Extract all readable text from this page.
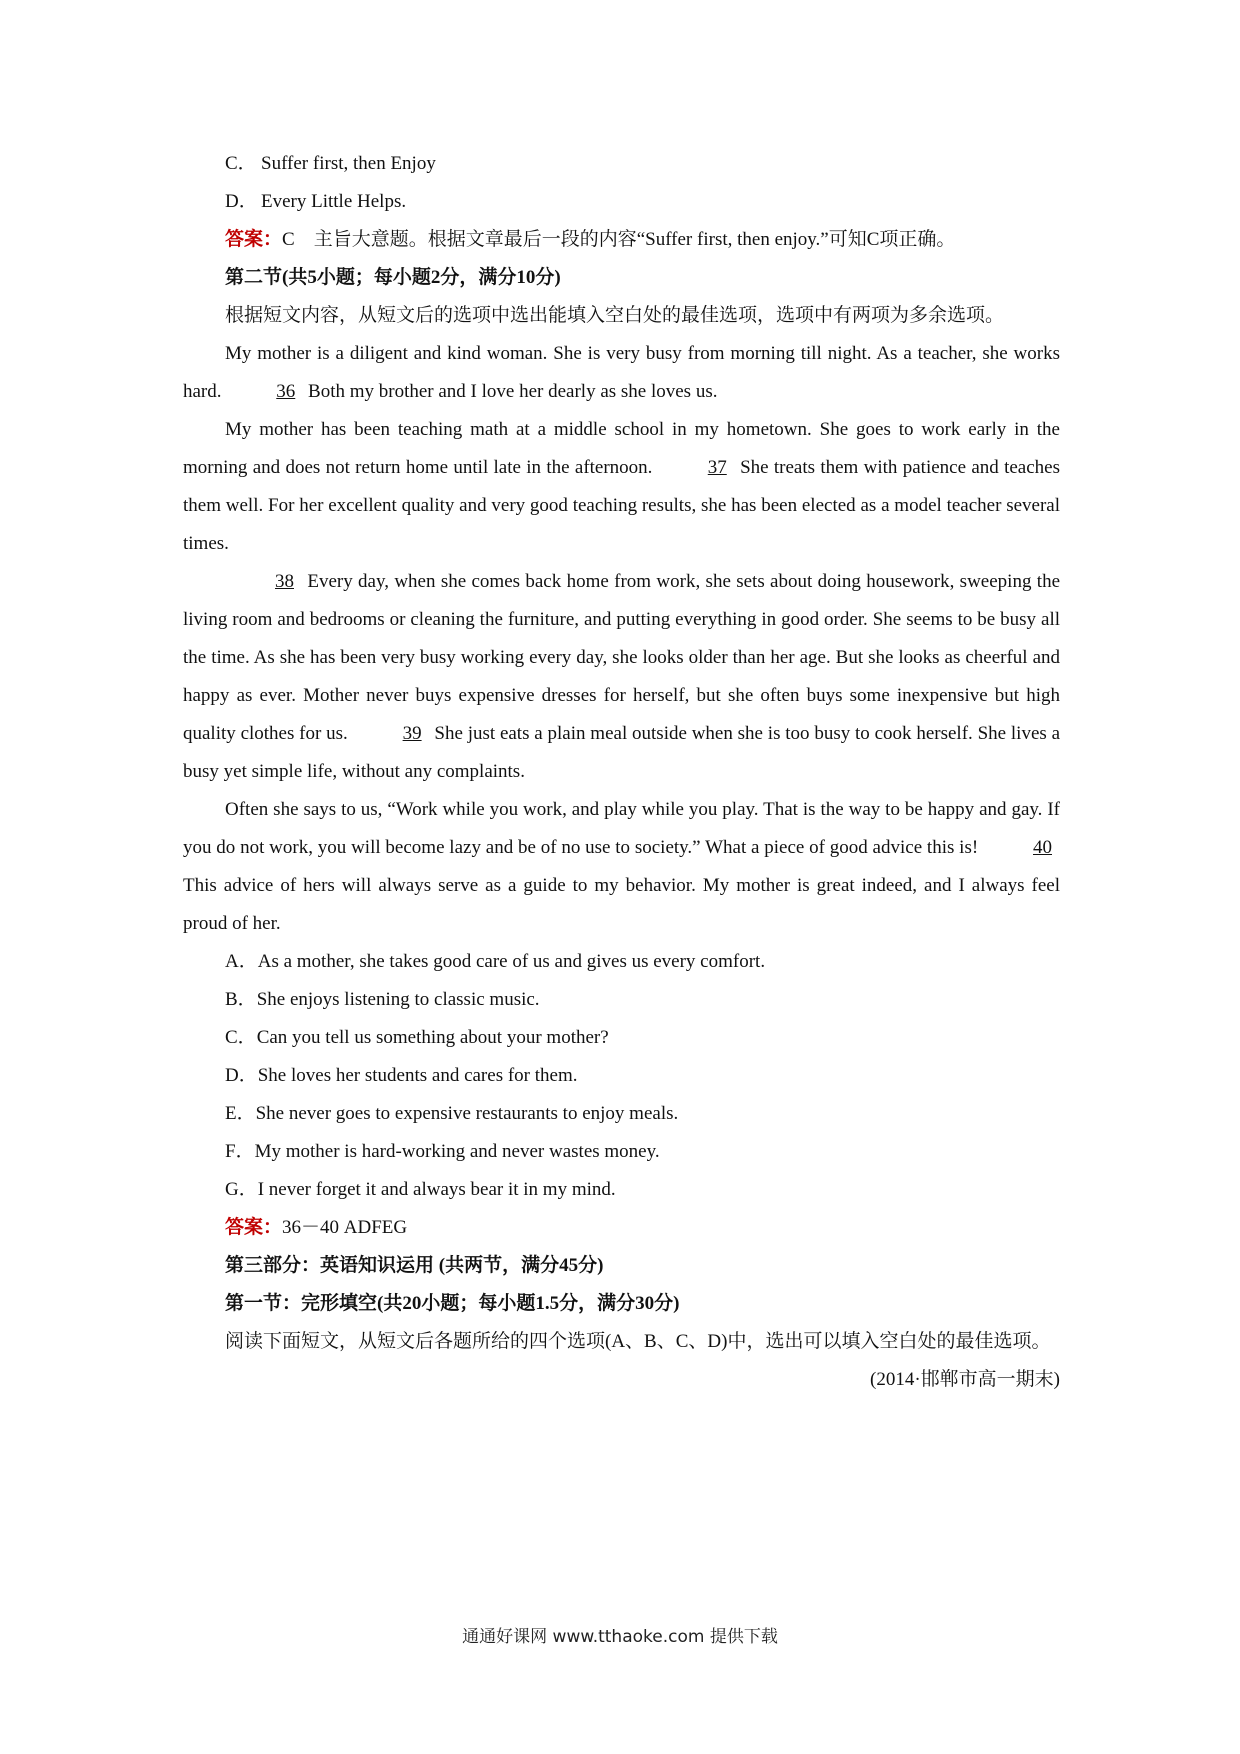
C． Suffer first, then Enjoy
D． Every Little Helps.
答案：C　主旨大意题。根据文章最后一段的内容“Suffer first, then enjoy.”可知C项正确。
第二节(共5小题；每小题2分，满分10分)
根据短文内容，从短文后的选项中选出能填入空白处的最佳选项，选项中有两项为多余选项。
My mother is a diligent and kind woman. She is very busy from morning till night. As a teacher, she works hard.	36 Both my brother and I love her dearly as she loves us.
My mother has been teaching math at a middle school in my hometown. She goes to work early in the morning and does not return home until late in the afternoon.	37 She treats them with patience and teaches them well. For her excellent quality and very good teaching results, she has been elected as a model teacher several times.
38 Every day, when she comes back home from work, she sets about doing housework, sweeping the living room and bedrooms or cleaning the furniture, and putting everything in good order. She seems to be busy all the time. As she has been very busy working every day, she looks older than her age. But she looks as cheerful and happy as ever. Mother never buys expensive dresses for herself, but she often buys some inexpensive but high quality clothes for us.	39 She just eats a plain meal outside when she is too busy to cook herself. She lives a busy yet simple life, without any complaints.
Often she says to us, “Work while you work, and play while you play. That is the way to be happy and gay. If you do not work, you will become lazy and be of no use to society.” What a piece of good advice this is!	40 This advice of hers will always serve as a guide to my behavior. My mother is great indeed, and I always feel proud of her.
A．As a mother, she takes good care of us and gives us every comfort.
B．She enjoys listening to classic music.
C．Can you tell us something about your mother?
D．She loves her students and cares for them.
E．She never goes to expensive restaurants to enjoy meals.
F．My mother is hard-working and never wastes money.
G．I never forget it and always bear it in my mind.
答案：36－40 ADFEG
第三部分：英语知识运用 (共两节，满分45分)
第一节：完形填空(共20小题；每小题1.5分，满分30分)
阅读下面短文，从短文后各题所给的四个选项(A、B、C、D)中，选出可以填入空白处的最佳选项。
(2014·邯郸市高一期末)
通通好课网 www.tthaoke.com 提供下载
